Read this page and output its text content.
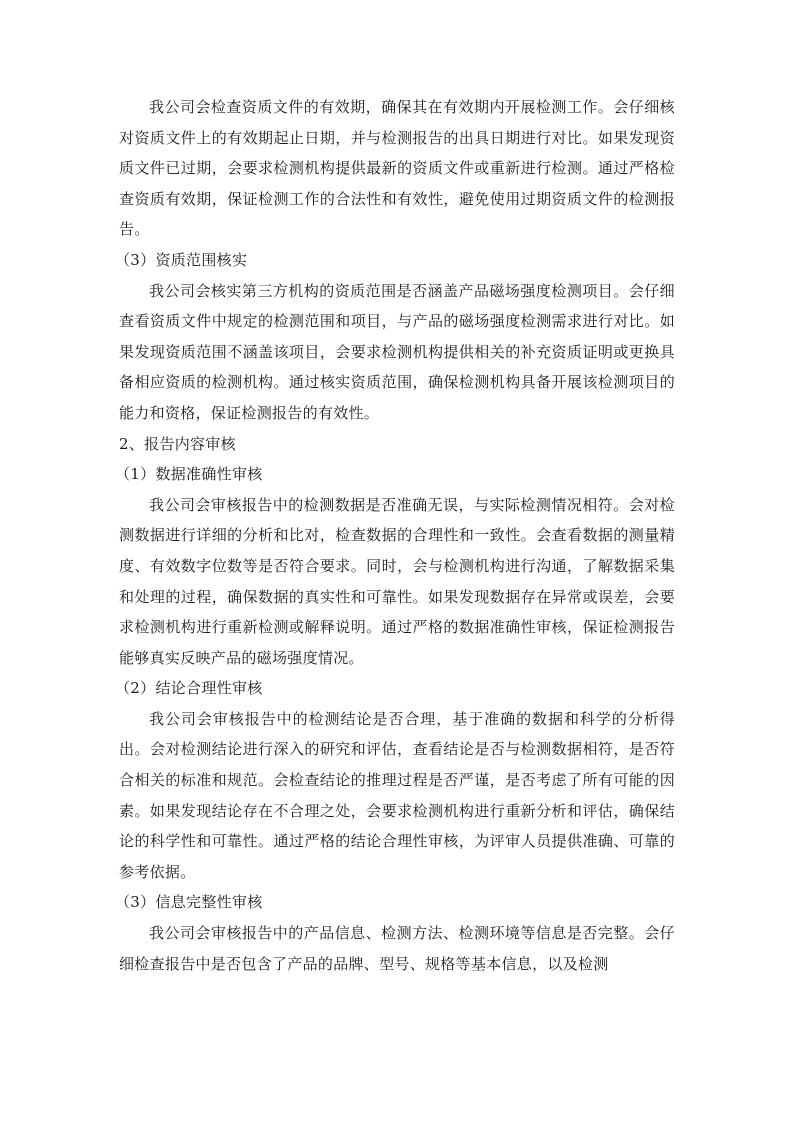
我公司会检查资质文件的有效期，确保其在有效期内开展检测工作。会仔细核对资质文件上的有效期起止日期，并与检测报告的出具日期进行对比。如果发现资质文件已过期，会要求检测机构提供最新的资质文件或重新进行检测。通过严格检查资质有效期，保证检测工作的合法性和有效性，避免使用过期资质文件的检测报告。

（3）资质范围核实

我公司会核实第三方机构的资质范围是否涵盖产品磁场强度检测项目。会仔细查看资质文件中规定的检测范围和项目，与产品的磁场强度检测需求进行对比。如果发现资质范围不涵盖该项目，会要求检测机构提供相关的补充资质证明或更换具备相应资质的检测机构。通过核实资质范围，确保检测机构具备开展该检测项目的能力和资格，保证检测报告的有效性。

2、报告内容审核

（1）数据准确性审核

我公司会审核报告中的检测数据是否准确无误，与实际检测情况相符。会对检测数据进行详细的分析和比对，检查数据的合理性和一致性。会查看数据的测量精度、有效数字位数等是否符合要求。同时，会与检测机构进行沟通，了解数据采集和处理的过程，确保数据的真实性和可靠性。如果发现数据存在异常或误差，会要求检测机构进行重新检测或解释说明。通过严格的数据准确性审核，保证检测报告能够真实反映产品的磁场强度情况。

（2）结论合理性审核

我公司会审核报告中的检测结论是否合理，基于准确的数据和科学的分析得出。会对检测结论进行深入的研究和评估，查看结论是否与检测数据相符，是否符合相关的标准和规范。会检查结论的推理过程是否严谨，是否考虑了所有可能的因素。如果发现结论存在不合理之处，会要求检测机构进行重新分析和评估，确保结论的科学性和可靠性。通过严格的结论合理性审核，为评审人员提供准确、可靠的参考依据。

（3）信息完整性审核

我公司会审核报告中的产品信息、检测方法、检测环境等信息是否完整。会仔细检查报告中是否包含了产品的品牌、型号、规格等基本信息，以及检测
